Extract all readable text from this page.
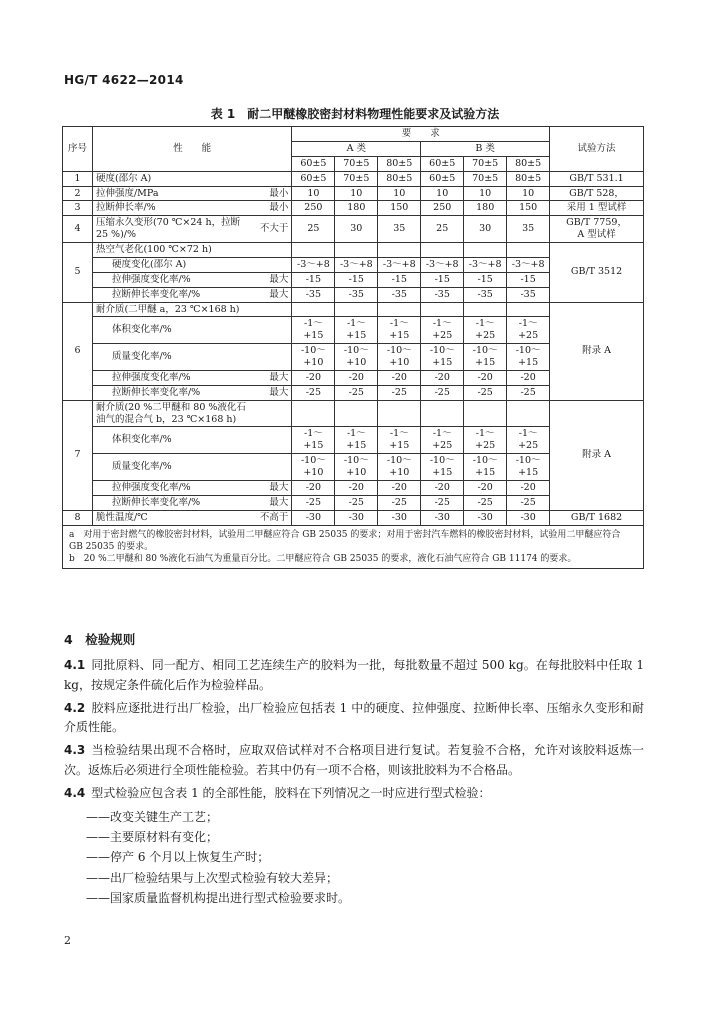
HG/T 4622—2014
表 1　耐二甲醚橡胶密封材料物理性能要求及试验方法
序号	性　　能	要　　求						试验方法
		A 类			B 类			
		60±5	70±5	80±5	60±5	70±5	80±5	
1	硬度(邵尔 A)	60±5	70±5	80±5	60±5	70±5	80±5	GB/T 531.1

2	拉伸强度/MPa 最小	10	10	10	10	10	10	GB/T 528，

3	拉断伸长率/% 最小	250	180	150	250	180	150	采用 1 型试样

4	压缩永久变形(70 ℃×24 h，拉断
25 %)/%
不大于	25	30	35	25	30	35	GB/T 7759，
A 型试样

5	热空气老化(100 ℃×72 h)							GB/T 3512

	硬度变化(邵尔 A)	-3～+8	-3～+8	-3～+8	-3～+8	-3～+8	-3～+8	

	拉伸强度变化率/% 最大	-15	-15	-15	-15	-15	-15	

	拉断伸长率变化率/% 最大	-35	-35	-35	-35	-35	-35	
6	耐介质(二甲醚 a，23 ℃×168 h)							附录 A

	体积变化率/%	-1～+15	-1～+15	-1～+15	-1～+25	-1～+25	-1～+25	

	质量变化率/%	-10～+10	-10～+10	-10～+10	-10～+15	-10～+15	-10～+15	

	拉伸强度变化率/% 最大	-20	-20	-20	-20	-20	-20	

	拉断伸长率变化率/% 最大	-25	-25	-25	-25	-25	-25	
7	耐介质(20 %二甲醚和 80 %液化石
油气的混合气 b，23 ℃×168 h)							附录 A

	体积变化率/%	-1～+15	-1～+15	-1～+15	-1～+25	-1～+25	-1～+25	

	质量变化率/%	-10～+10	-10～+10	-10～+10	-10～+15	-10～+15	-10～+15	

	拉伸强度变化率/% 最大	-20	-20	-20	-20	-20	-20	

	拉断伸长率变化率/% 最大	-25	-25	-25	-25	-25	-25	
8	脆性温度/℃ 不高于	-30	-30	-30	-30	-30	-30	GB/T 1682

a　对用于密封燃气的橡胶密封材料，试验用二甲醚应符合 GB 25035 的要求；对用于密封汽车燃料的橡胶密封材料，试验用二甲醚应符合 GB 25035 的要求。
b　20 %二甲醚和 80 %液化石油气为重量百分比。二甲醚应符合 GB 25035 的要求，液化石油气应符合 GB 11174 的要求。								
4　检验规则

4.1 同批原料、同一配方、相同工艺连续生产的胶料为一批，每批数量不超过 500 kg。在每批胶料中任取 1 kg，按规定条件硫化后作为检验样品。

4.2 胶料应逐批进行出厂检验，出厂检验应包括表 1 中的硬度、拉伸强度、拉断伸长率、压缩永久变形和耐介质性能。

4.3 当检验结果出现不合格时，应取双倍试样对不合格项目进行复试。若复验不合格，允许对该胶料返炼一次。返炼后必须进行全项性能检验。若其中仍有一项不合格，则该批胶料为不合格品。

4.4 型式检验应包含表 1 的全部性能，胶料在下列情况之一时应进行型式检验：

——改变关键生产工艺；

——主要原材料有变化；

——停产 6 个月以上恢复生产时；

——出厂检验结果与上次型式检验有较大差异；

——国家质量监督机构提出进行型式检验要求时。

2
